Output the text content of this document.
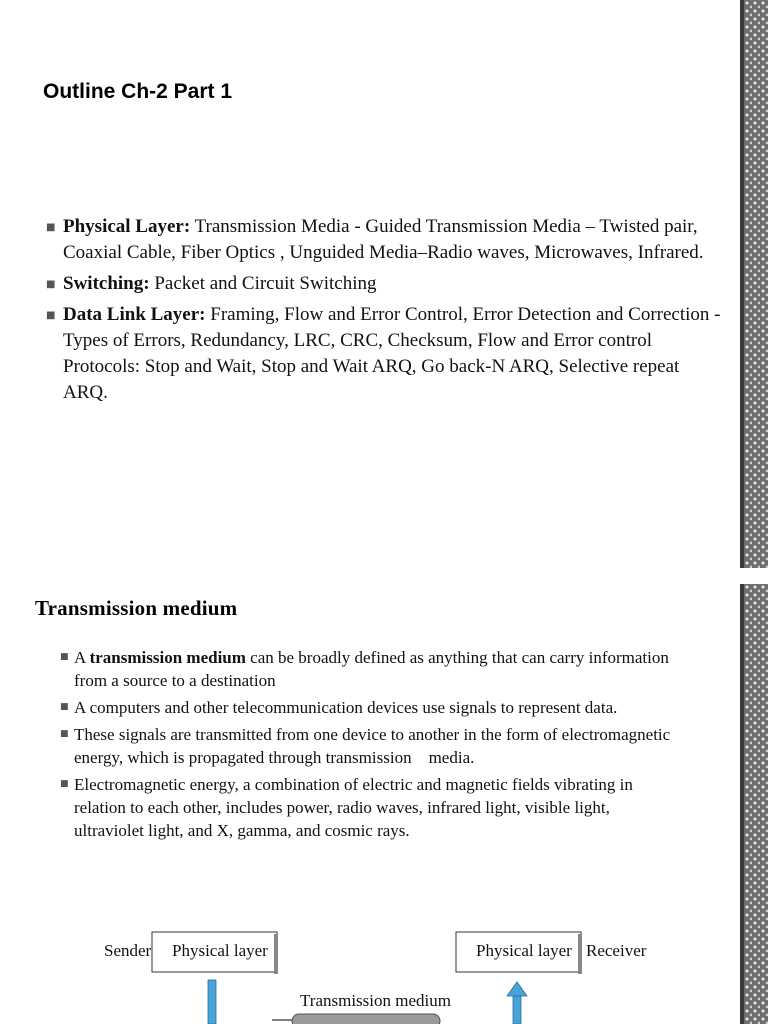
Outline Ch-2 Part 1
■ Physical Layer: Transmission Media - Guided Transmission Media – Twisted pair, Coaxial Cable, Fiber Optics , Unguided Media–Radio waves, Microwaves, Infrared.
■ Switching: Packet and Circuit Switching
■ Data Link Layer: Framing, Flow and Error Control, Error Detection and Correction - Types of Errors, Redundancy, LRC, CRC, Checksum, Flow and Error control Protocols: Stop and Wait, Stop and Wait ARQ, Go back-N ARQ, Selective repeat ARQ.
Transmission medium
■ A transmission medium can be broadly defined as anything that can carry information from a source to a destination
■ A computers and other telecommunication devices use signals to represent data.
■ These signals are transmitted from one device to another in the form of electromagnetic energy, which is propagated through transmission    media.
■ Electromagnetic energy, a combination of electric and magnetic fields vibrating in relation to each other, includes power, radio waves, infrared light, visible light, ultraviolet light, and X, gamma, and cosmic rays.
Sender Physical layer	Physical layer Receiver
Transmission medium
